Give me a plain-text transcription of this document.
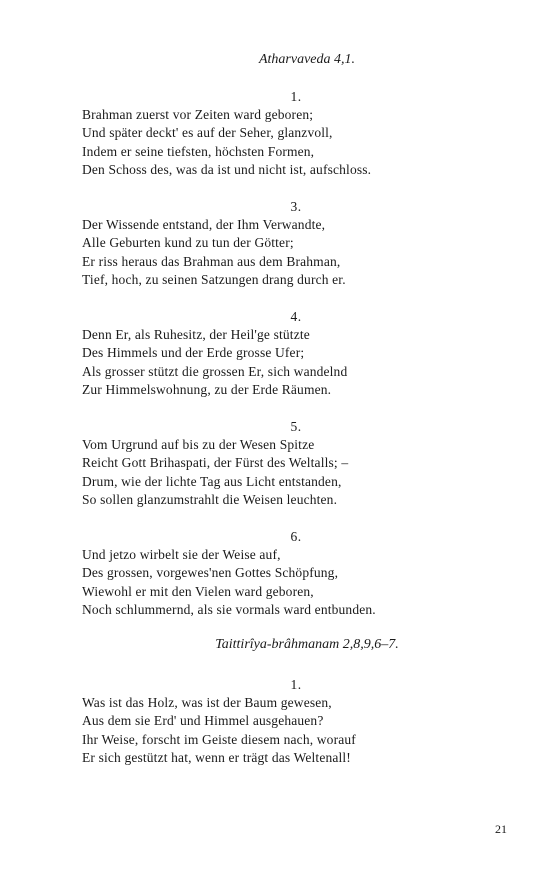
Atharvaveda 4,1.
1.
Brahman zuerst vor Zeiten ward geboren;
Und später deckt' es auf der Seher, glanzvoll,
Indem er seine tiefsten, höchsten Formen,
Den Schoss des, was da ist und nicht ist, aufschloss.
3.
Der Wissende entstand, der Ihm Verwandte,
Alle Geburten kund zu tun der Götter;
Er riss heraus das Brahman aus dem Brahman,
Tief, hoch, zu seinen Satzungen drang durch er.
4.
Denn Er, als Ruhesitz, der Heil'ge stützte
Des Himmels und der Erde grosse Ufer;
Als grosser stützt die grossen Er, sich wandelnd
Zur Himmelswohnung, zu der Erde Räumen.
5.
Vom Urgrund auf bis zu der Wesen Spitze
Reicht Gott Brihaspati, der Fürst des Weltalls; –
Drum, wie der lichte Tag aus Licht entstanden,
So sollen glanzumstrahlt die Weisen leuchten.
6.
Und jetzo wirbelt sie der Weise auf,
Des grossen, vorgewes'nen Gottes Schöpfung,
Wiewohl er mit den Vielen ward geboren,
Noch schlummernd, als sie vormals ward entbunden.
Taittirîya-brâhmanam 2,8,9,6–7.
1.
Was ist das Holz, was ist der Baum gewesen,
Aus dem sie Erd' und Himmel ausgehauen?
Ihr Weise, forscht im Geiste diesem nach, worauf
Er sich gestützt hat, wenn er trägt das Weltenall!
21
